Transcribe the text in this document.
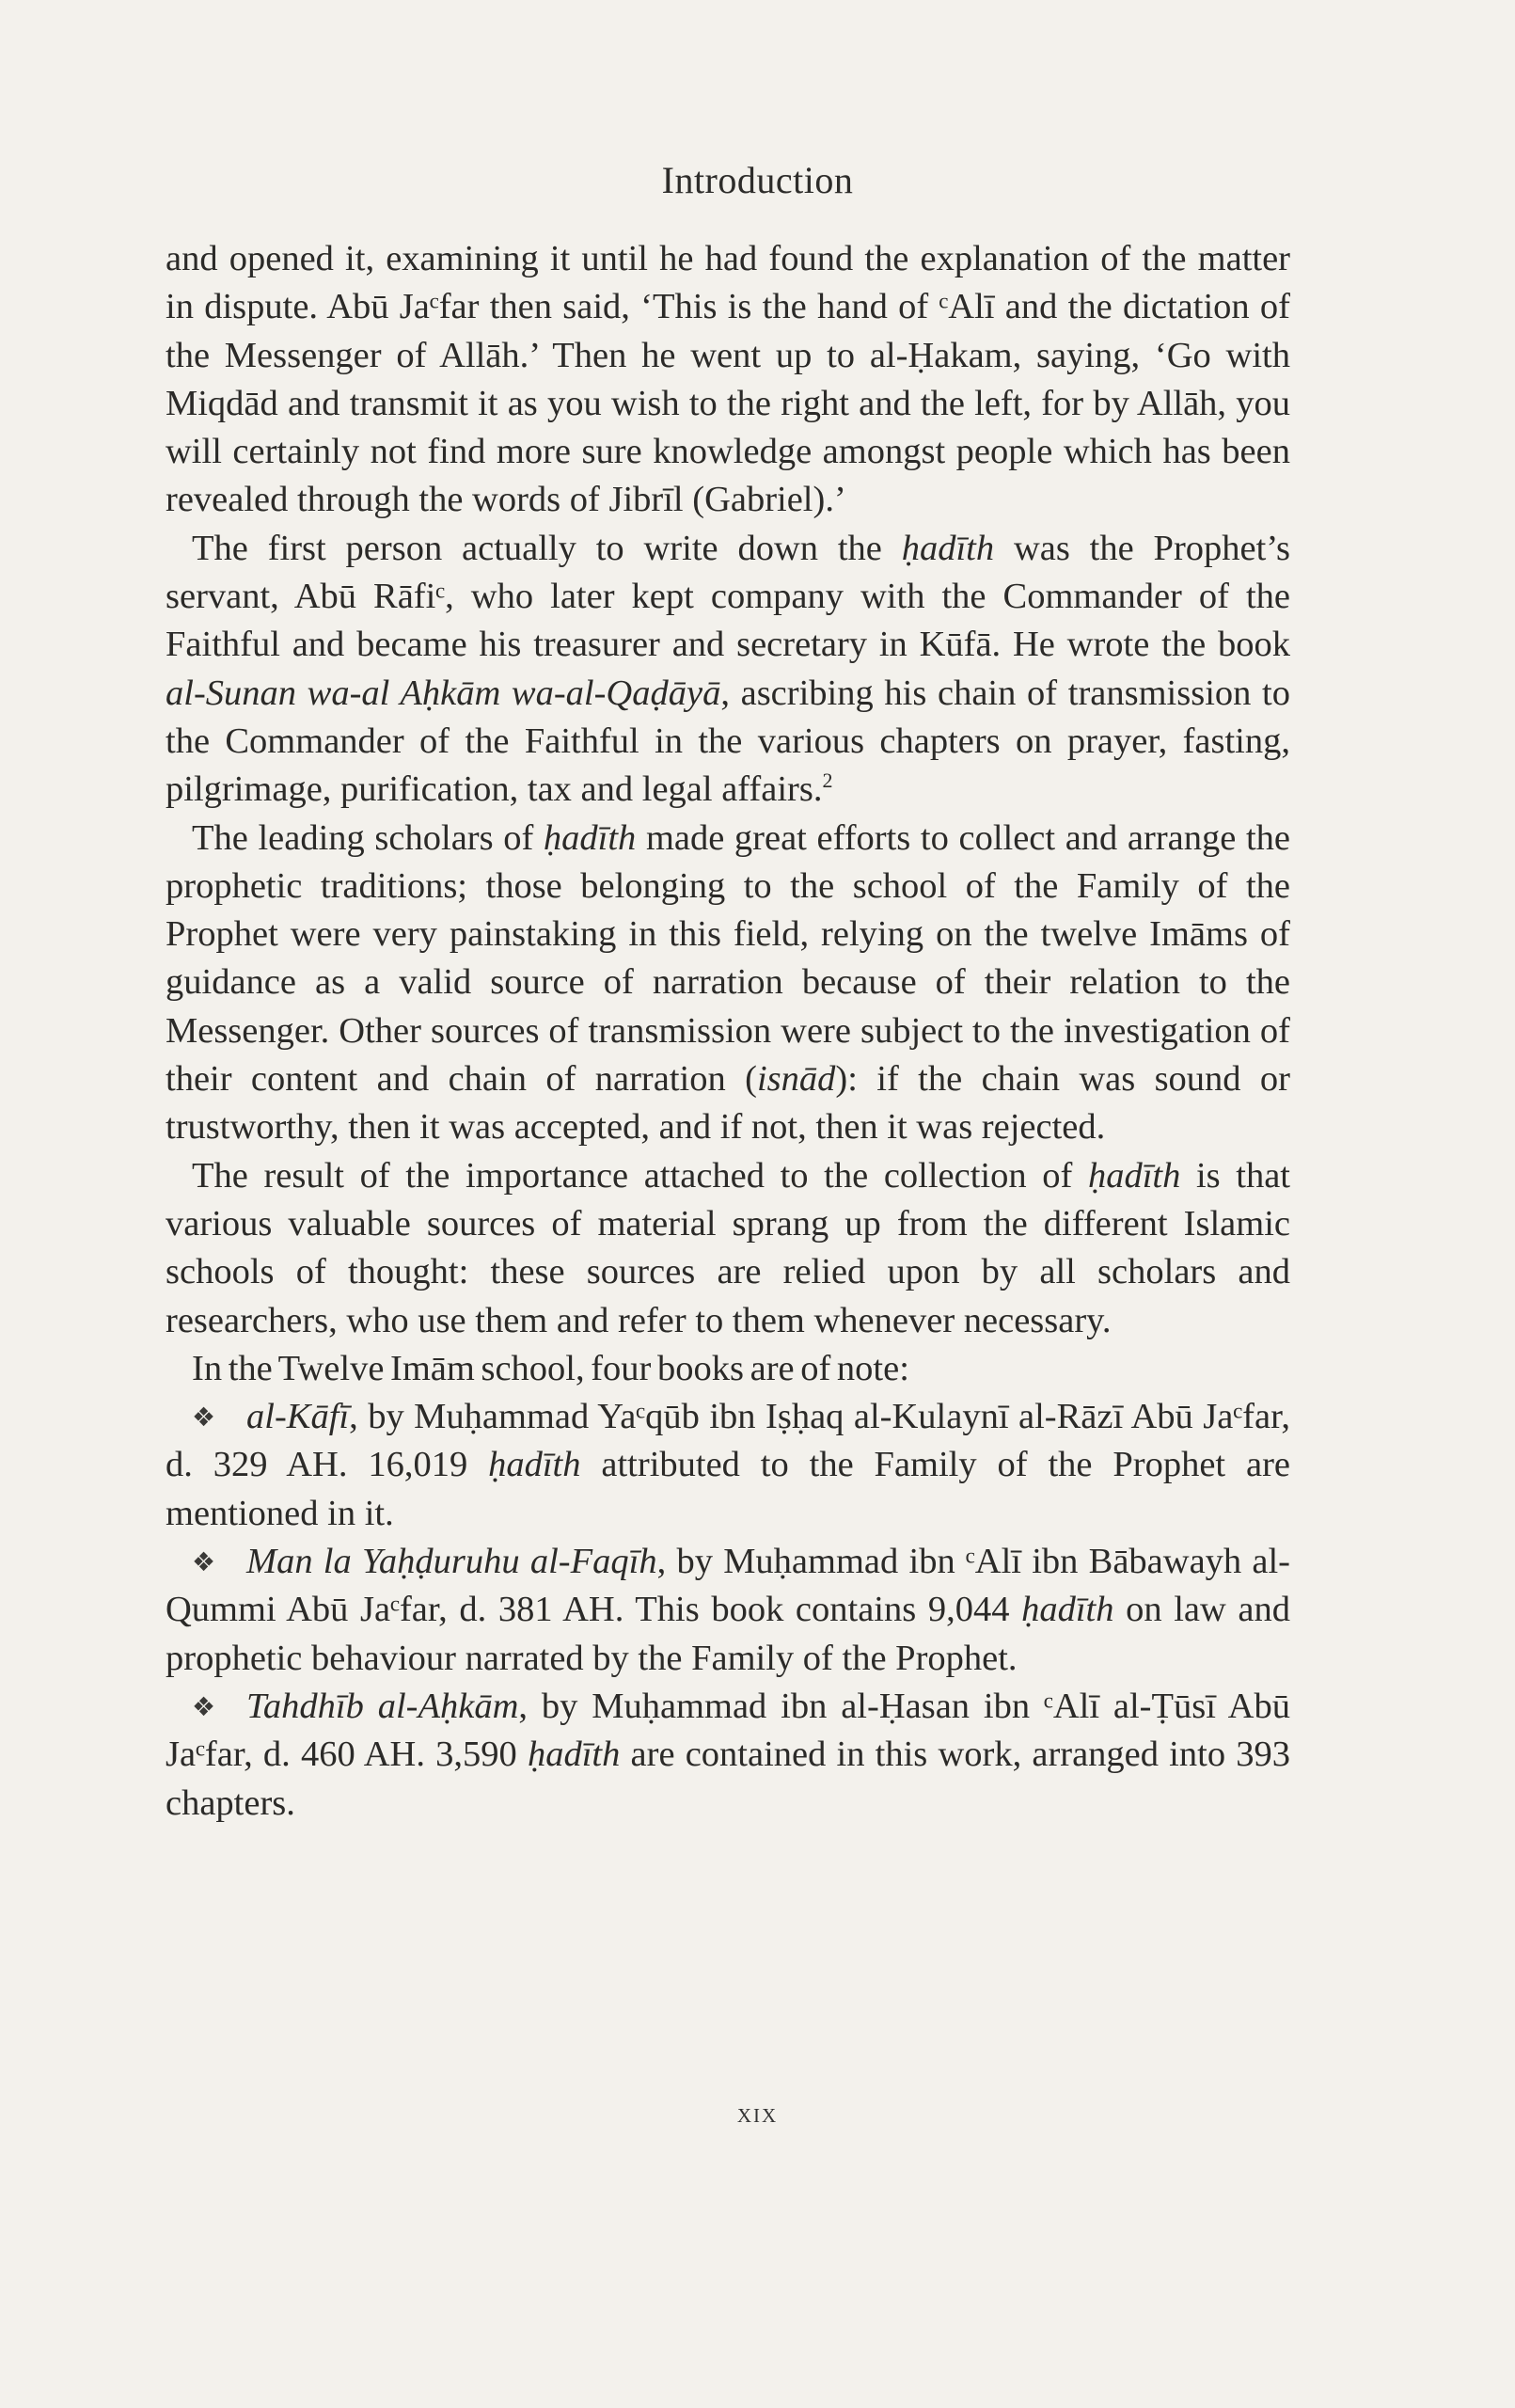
Introduction

and opened it, examining it until he had found the explanation of the matter in dispute. Abū Jaᶜfar then said, ‘This is the hand of ᶜAlī and the dictation of the Messenger of Allāh.’ Then he went up to al-Ḥakam, saying, ‘Go with Miqdād and transmit it as you wish to the right and the left, for by Allāh, you will certainly not find more sure knowledge amongst people which has been revealed through the words of Jibrīl (Gabriel).’

The first person actually to write down the ḥadīth was the Prophet’s servant, Abū Rāfiᶜ, who later kept company with the Commander of the Faithful and became his treasurer and secretary in Kūfā. He wrote the book al-Sunan wa-al Aḥkām wa-al-Qaḍāyā, ascribing his chain of transmission to the Commander of the Faithful in the various chapters on prayer, fasting, pilgrimage, purification, tax and legal affairs.$^2$

The leading scholars of ḥadīth made great efforts to collect and arrange the prophetic traditions; those belonging to the school of the Family of the Prophet were very painstaking in this field, relying on the twelve Imāms of guidance as a valid source of narration because of their relation to the Messenger. Other sources of transmission were subject to the investigation of their content and chain of narration (isnād): if the chain was sound or trustworthy, then it was accepted, and if not, then it was rejected.

The result of the importance attached to the collection of ḥadīth is that various valuable sources of material sprang up from the different Islamic schools of thought: these sources are relied upon by all scholars and researchers, who use them and refer to them whenever necessary.

In the Twelve Imām school, four books are of note:

❖ al-Kāfī, by Muḥammad Yaᶜqūb ibn Iṣḥaq al-Kulaynī al-Rāzī Abū Jaᶜfar, d. 329 AH. 16,019 ḥadīth attributed to the Family of the Prophet are mentioned in it.

❖ Man la Yaḥḍuruhu al-Faqīh, by Muḥammad ibn ᶜAlī ibn Bābawayh al-Qummi Abū Jaᶜfar, d. 381 AH. This book contains 9,044 ḥadīth on law and prophetic behaviour narrated by the Family of the Prophet.

❖ Tahdhīb al-Aḥkām, by Muḥammad ibn al-Ḥasan ibn ᶜAlī al-Ṭūsī Abū Jaᶜfar, d. 460 AH. 3,590 ḥadīth are contained in this work, arranged into 393 chapters.

xix
